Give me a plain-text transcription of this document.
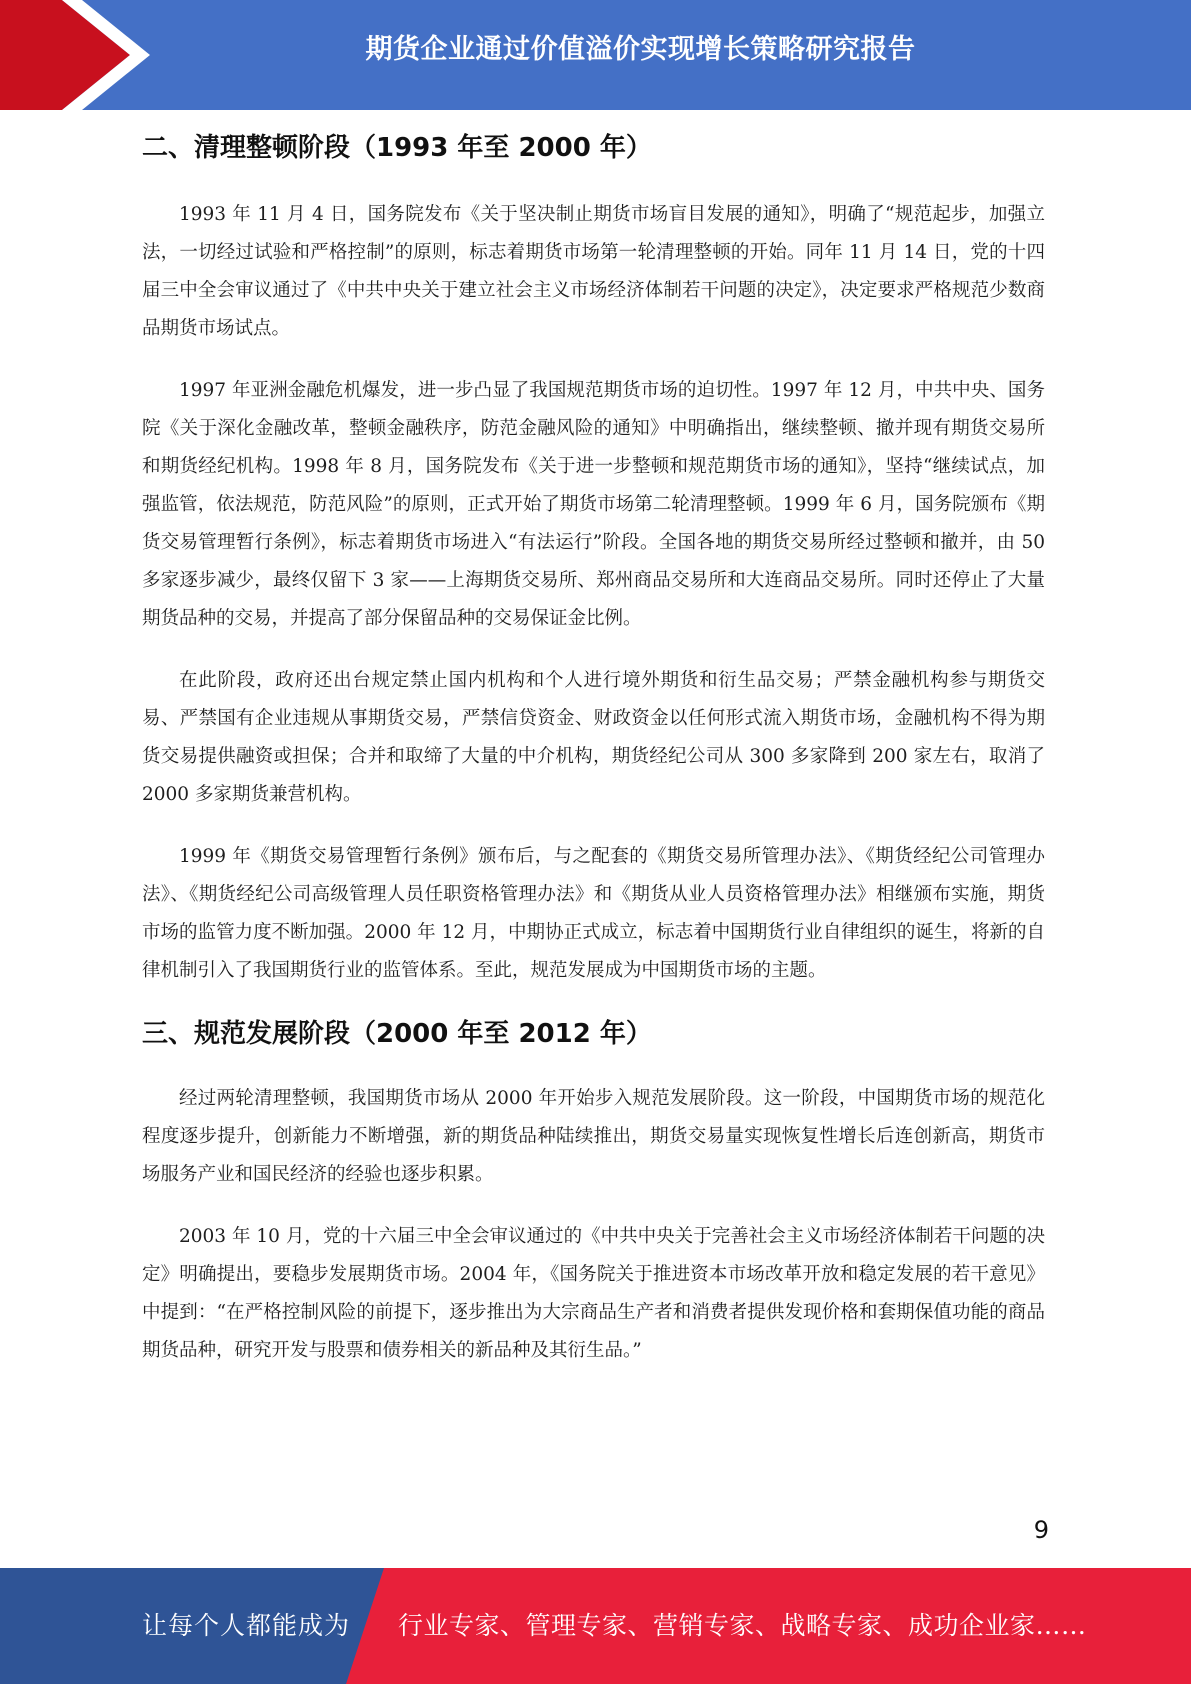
期货企业通过价值溢价实现增长策略研究报告
二、清理整顿阶段（1993 年至 2000 年）

1993 年 11 月 4 日，国务院发布《关于坚决制止期货市场盲目发展的通知》，明确了“规范起步，加强立法，一切经过试验和严格控制”的原则，标志着期货市场第一轮清理整顿的开始。同年 11 月 14 日，党的十四届三中全会审议通过了《中共中央关于建立社会主义市场经济体制若干问题的决定》，决定要求严格规范少数商品期货市场试点。

1997 年亚洲金融危机爆发，进一步凸显了我国规范期货市场的迫切性。1997 年 12 月，中共中央、国务院《关于深化金融改革，整顿金融秩序，防范金融风险的通知》中明确指出，继续整顿、撤并现有期货交易所和期货经纪机构。1998 年 8 月，国务院发布《关于进一步整顿和规范期货市场的通知》，坚持“继续试点，加强监管，依法规范，防范风险”的原则，正式开始了期货市场第二轮清理整顿。1999 年 6 月，国务院颁布《期货交易管理暂行条例》，标志着期货市场进入“有法运行”阶段。全国各地的期货交易所经过整顿和撤并，由 50 多家逐步减少，最终仅留下 3 家——上海期货交易所、郑州商品交易所和大连商品交易所。同时还停止了大量期货品种的交易，并提高了部分保留品种的交易保证金比例。

在此阶段，政府还出台规定禁止国内机构和个人进行境外期货和衍生品交易；严禁金融机构参与期货交易、严禁国有企业违规从事期货交易，严禁信贷资金、财政资金以任何形式流入期货市场，金融机构不得为期货交易提供融资或担保；合并和取缔了大量的中介机构，期货经纪公司从 300 多家降到 200 家左右，取消了 2000 多家期货兼营机构。

1999 年《期货交易管理暂行条例》颁布后，与之配套的《期货交易所管理办法》、《期货经纪公司管理办法》、《期货经纪公司高级管理人员任职资格管理办法》和《期货从业人员资格管理办法》相继颁布实施，期货市场的监管力度不断加强。2000 年 12 月，中期协正式成立，标志着中国期货行业自律组织的诞生，将新的自律机制引入了我国期货行业的监管体系。至此，规范发展成为中国期货市场的主题。

三、规范发展阶段（2000 年至 2012 年）

经过两轮清理整顿，我国期货市场从 2000 年开始步入规范发展阶段。这一阶段，中国期货市场的规范化程度逐步提升，创新能力不断增强，新的期货品种陆续推出，期货交易量实现恢复性增长后连创新高，期货市场服务产业和国民经济的经验也逐步积累。

2003 年 10 月，党的十六届三中全会审议通过的《中共中央关于完善社会主义市场经济体制若干问题的决定》明确提出，要稳步发展期货市场。2004 年，《国务院关于推进资本市场改革开放和稳定发展的若干意见》中提到：“在严格控制风险的前提下，逐步推出为大宗商品生产者和消费者提供发现价格和套期保值功能的商品期货品种，研究开发与股票和债券相关的新品种及其衍生品。”

9
让每个人都能成为 行业专家、管理专家、营销专家、战略专家、成功企业家……
